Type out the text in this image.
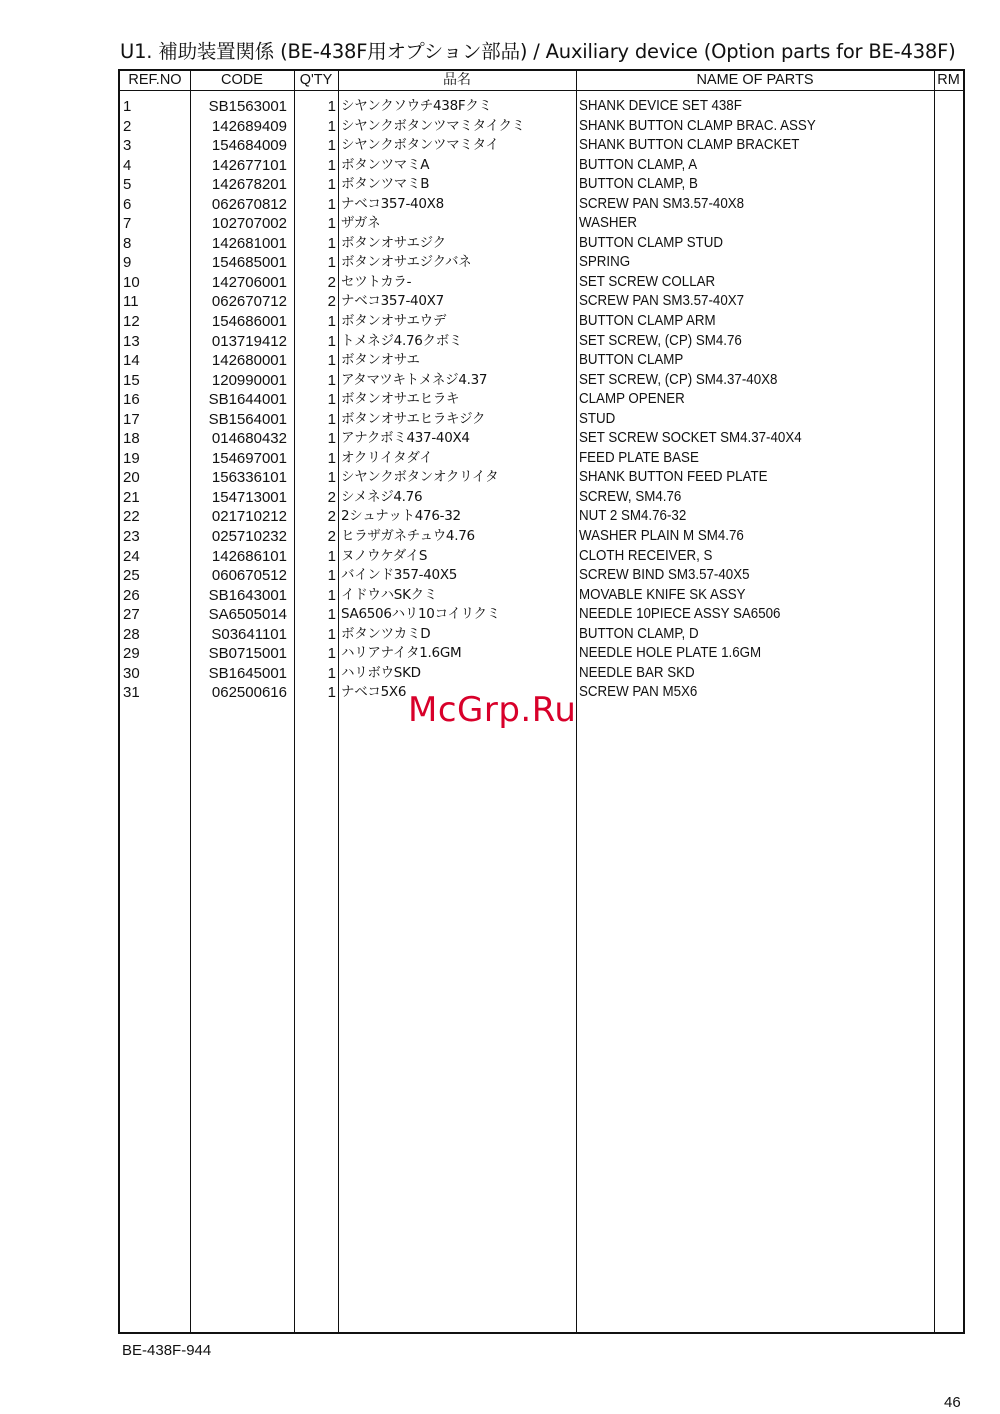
U1. 補助装置関係 (BE-438F用オプション部品) / Auxiliary device (Option parts for BE-438F)
REF.NO	CODE	Q'TY	品名	NAME OF PARTS	RM
1	SB1563001	1 シヤンクソウチ438Fクミ	SHANK DEVICE SET 438F
2	142689409	1 シヤンクボタンツマミタイクミ	SHANK BUTTON CLAMP BRAC. ASSY
3	154684009	1 シヤンクボタンツマミタイ	SHANK BUTTON CLAMP BRACKET
4	142677101	1 ボタンツマミA	BUTTON CLAMP, A
5	142678201	1 ボタンツマミB	BUTTON CLAMP, B
6	062670812	1 ナベコ357-40X8	SCREW PAN SM3.57-40X8
7	102707002	1 ザガネ	WASHER
8	142681001	1 ボタンオサエジク	BUTTON CLAMP STUD
9	154685001	1 ボタンオサエジクバネ	SPRING
10	142706001	2 セツトカラ-	SET SCREW COLLAR
11	062670712	2 ナベコ357-40X7	SCREW PAN SM3.57-40X7
12	154686001	1 ボタンオサエウデ	BUTTON CLAMP ARM
13	013719412	1 トメネジ4.76クボミ	SET SCREW, (CP) SM4.76
14	142680001	1 ボタンオサエ	BUTTON CLAMP
15	120990001	1 アタマツキトメネジ4.37	SET SCREW, (CP) SM4.37-40X8
16	SB1644001	1 ボタンオサエヒラキ	CLAMP OPENER
17	SB1564001	1 ボタンオサエヒラキジク	STUD
18	014680432	1 アナクボミ437-40X4	SET SCREW SOCKET SM4.37-40X4
19	154697001	1 オクリイタダイ	FEED PLATE BASE
20	156336101	1 シヤンクボタンオクリイタ	SHANK BUTTON FEED PLATE
21	154713001	2 シメネジ4.76	SCREW, SM4.76
22	021710212	2 2シュナット476-32	NUT 2 SM4.76-32
23	025710232	2 ヒラザガネチュウ4.76	WASHER PLAIN M SM4.76
24	142686101	1 ヌノウケダイS	CLOTH RECEIVER, S
25	060670512	1 バインド357-40X5	SCREW BIND SM3.57-40X5
26	SB1643001	1 イドウハSKクミ	MOVABLE KNIFE SK ASSY
27	SA6505014	1 SA6506ハリ10コイリクミ	NEEDLE 10PIECE ASSY SA6506
28	S03641101	1 ボタンツカミD	BUTTON CLAMP, D
29	SB0715001	1 ハリアナイタ1.6GM	NEEDLE HOLE PLATE 1.6GM
30	SB1645001	1 ハリボウSKD	NEEDLE BAR SKD
31	062500616	1 ナベコ5X6	SCREW PAN M5X6
BE-438F-944
46
McGrp.Ru
